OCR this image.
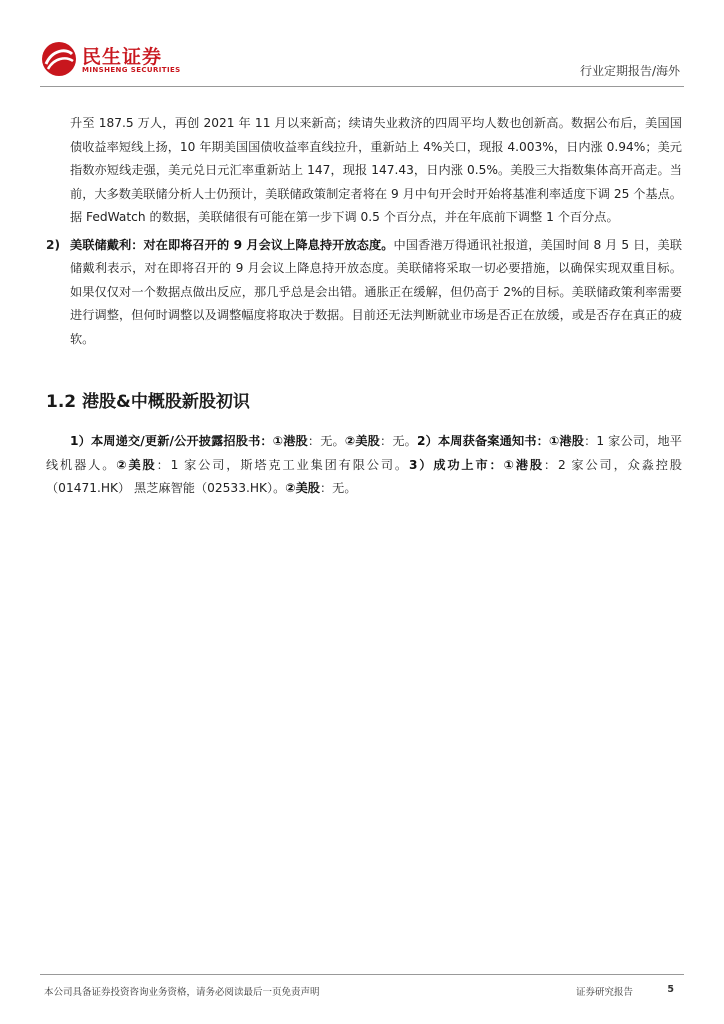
民生证券
MINSHENG SECURITIES	行业定期报告/海外

升至 187.5 万人，再创 2021 年 11 月以来新高；续请失业救济的四周平均人数也创新高。数据公布后，美国国债收益率短线上扬，10 年期美国国债收益率直线拉升，重新站上 4%关口，现报 4.003%，日内涨 0.94%；美元指数亦短线走强，美元兑日元汇率重新站上 147，现报 147.43，日内涨 0.5%。美股三大指数集体高开高走。当前，大多数美联储分析人士仍预计，美联储政策制定者将在 9 月中旬开会时开始将基准利率适度下调 25 个基点。据 FedWatch 的数据，美联储很有可能在第一步下调 0.5 个百分点，并在年底前下调整 1 个百分点。

2) 美联储戴利：对在即将召开的 9 月会议上降息持开放态度。中国香港万得通讯社报道，美国时间 8 月 5 日，美联储戴利表示，对在即将召开的 9 月会议上降息持开放态度。美联储将采取一切必要措施，以确保实现双重目标。如果仅仅对一个数据点做出反应，那几乎总是会出错。通胀正在缓解，但仍高于 2%的目标。美联储政策利率需要进行调整，但何时调整以及调整幅度将取决于数据。目前还无法判断就业市场是否正在放缓，或是否存在真正的疲软。
1.2 港股&中概股新股初识

1）本周递交/更新/公开披露招股书：①港股：无。②美股：无。2）本周获备案通知书：①港股：1 家公司，地平线机器人。②美股：1 家公司，斯塔克工业集团有限公司。3）成功上市：①港股：2 家公司，众淼控股（01471.HK） 黑芝麻智能（02533.HK）。②美股：无。

本公司具备证券投资咨询业务资格，请务必阅读最后一页免责声明	证券研究报告	5
